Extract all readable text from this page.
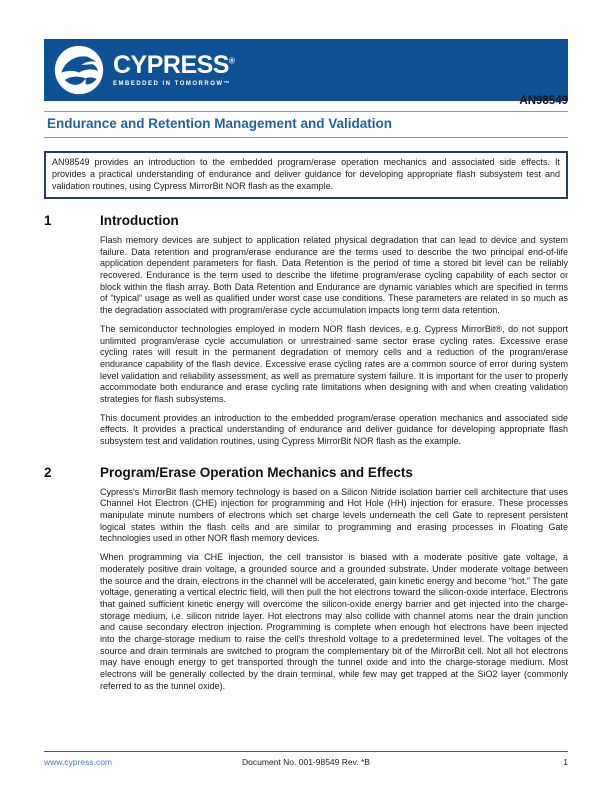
CYPRESS®
EMBEDDED IN TOMORROW™
AN98549
Endurance and Retention Management and Validation
AN98549 provides an introduction to the embedded program/erase operation mechanics and associated side effects. It provides a practical understanding of endurance and deliver guidance for developing appropriate flash subsystem test and validation routines, using Cypress MirrorBit NOR flash as the example.
1	Introduction

Flash memory devices are subject to application related physical degradation that can lead to device and system failure. Data retention and program/erase endurance are the terms used to describe the two principal end-of-life application dependent parameters for flash. Data Retention is the period of time a stored bit level can be reliably recovered. Endurance is the term used to describe the lifetime program/erase cycling capability of each sector or block within the flash array. Both Data Retention and Endurance are dynamic variables which are specified in terms of “typical” usage as well as qualified under worst case use conditions. These parameters are related in so much as the degradation associated with program/erase cycle accumulation impacts long term data retention.

The semiconductor technologies employed in modern NOR flash devices, e.g. Cypress MirrorBit®, do not support unlimited program/erase cycle accumulation or unrestrained same sector erase cycling rates. Excessive erase cycling rates will result in the permanent degradation of memory cells and a reduction of the program/erase endurance capability of the flash device. Excessive erase cycling rates are a common source of error during system level validation and reliability assessment, as well as premature system failure. It is important for the user to properly accommodate both endurance and erase cycling rate limitations when designing with and when creating validation strategies for flash subsystems.

This document provides an introduction to the embedded program/erase operation mechanics and associated side effects. It provides a practical understanding of endurance and deliver guidance for developing appropriate flash subsystem test and validation routines, using Cypress MirrorBit NOR flash as the example.

2	Program/Erase Operation Mechanics and Effects

Cypress's MirrorBit flash memory technology is based on a Silicon Nitride isolation barrier cell architecture that uses Channel Hot Electron (CHE) injection for programming and Hot Hole (HH) injection for erasure. These processes manipulate minute numbers of electrons which set charge levels underneath the cell Gate to represent persistent logical states within the flash cells and are similar to programming and erasing processes in Floating Gate technologies used in other NOR flash memory devices.

When programming via CHE injection, the cell transistor is biased with a moderate positive gate voltage, a moderately positive drain voltage, a grounded source and a grounded substrate. Under moderate voltage between the source and the drain, electrons in the channel will be accelerated, gain kinetic energy and become “hot.” The gate voltage, generating a vertical electric field, will then pull the hot electrons toward the silicon-oxide interface. Electrons that gained sufficient kinetic energy will overcome the silicon-oxide energy barrier and get injected into the charge-storage medium, i.e. silicon nitride layer. Hot electrons may also collide with channel atoms near the drain junction and cause secondary electron injection. Programming is complete when enough hot electrons have been injected into the charge-storage medium to raise the cell's threshold voltage to a predetermined level. The voltages of the source and drain terminals are switched to program the complementary bit of the MirrorBit cell. Not all hot electrons may have enough energy to get transported through the tunnel oxide and into the charge-storage medium. Most electrons will be generally collected by the drain terminal, while few may get trapped at the SiO2 layer (commonly referred to as the tunnel oxide).

www.cypress.com	Document No. 001-98549 Rev. *B	1
